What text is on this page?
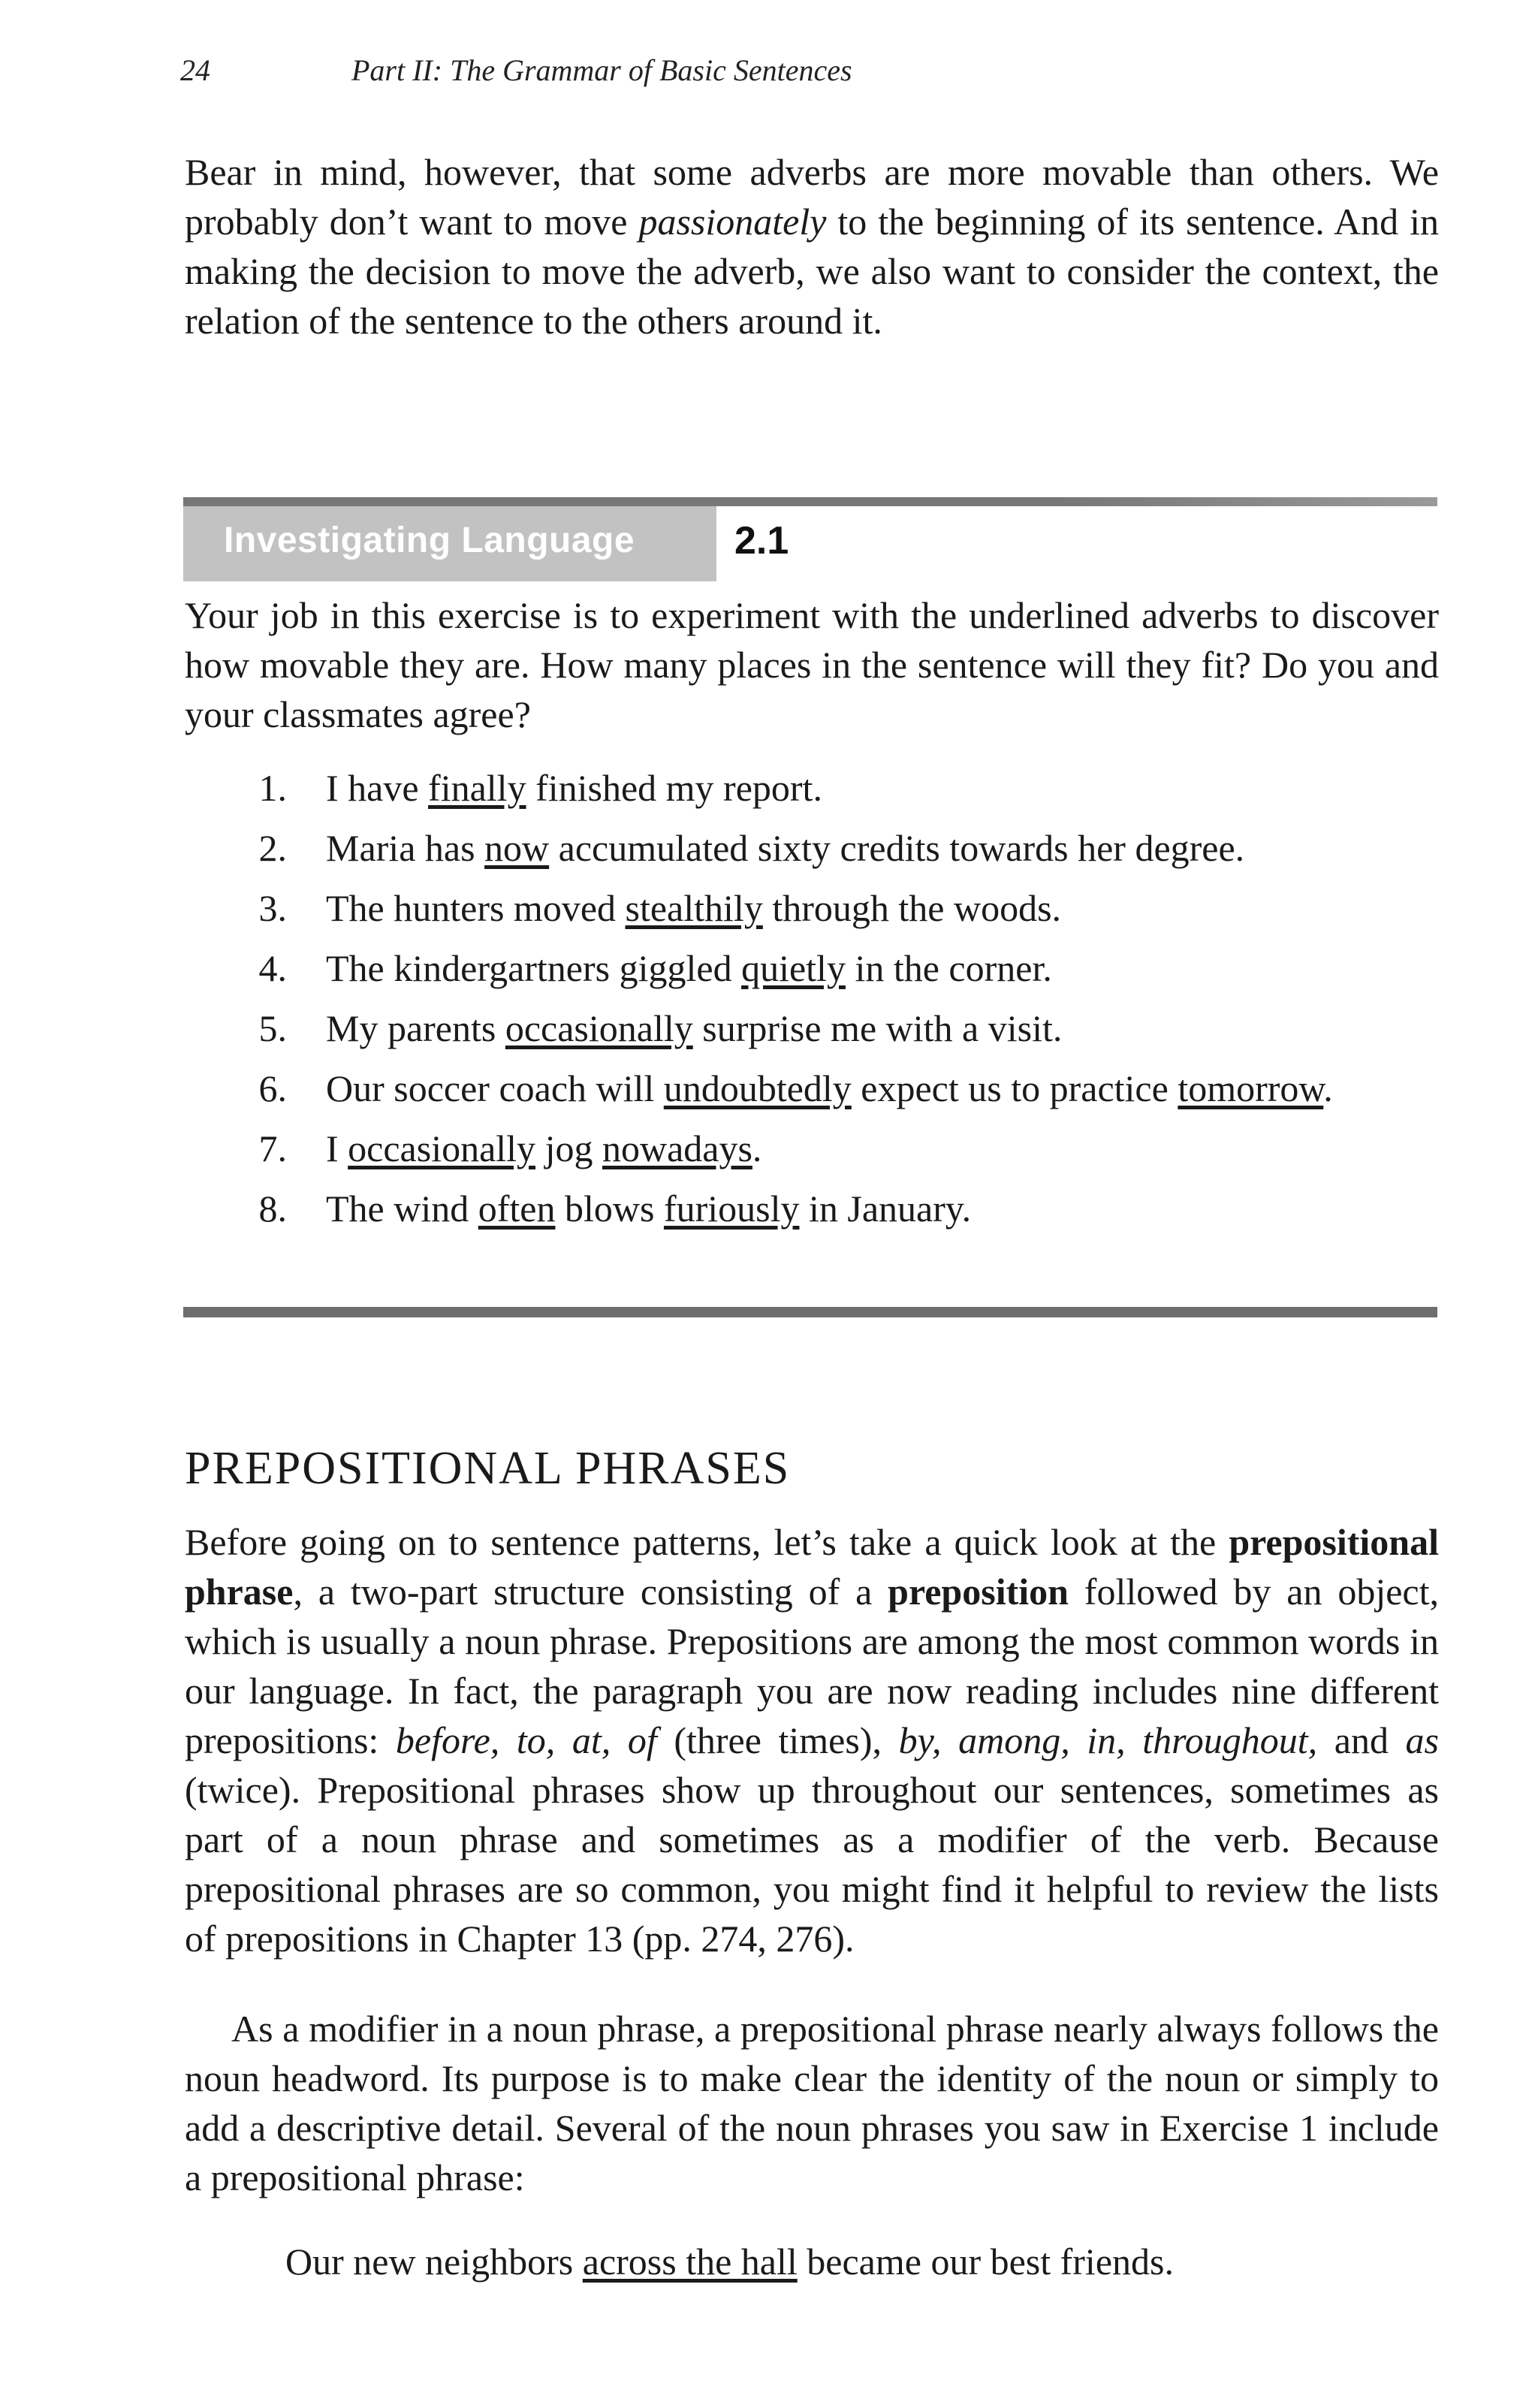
24	Part II: The Grammar of Basic Sentences

Bear in mind, however, that some adverbs are more movable than others. We probably don’t want to move passionately to the beginning of its sentence. And in making the decision to move the adverb, we also want to consider the context, the relation of the sentence to the others around it.

Investigating Language	2.1

Your job in this exercise is to experiment with the underlined adverbs to discover how movable they are. How many places in the sentence will they fit? Do you and your classmates agree?

1. I have finally finished my report.
2. Maria has now accumulated sixty credits towards her degree.
3. The hunters moved stealthily through the woods.
4. The kindergartners giggled quietly in the corner.
5. My parents occasionally surprise me with a visit.
6. Our soccer coach will undoubtedly expect us to practice tomorrow.
7. I occasionally jog nowadays.
8. The wind often blows furiously in January.
PREPOSITIONAL PHRASES

Before going on to sentence patterns, let’s take a quick look at the prepositional phrase, a two-part structure consisting of a preposition followed by an object, which is usually a noun phrase. Prepositions are among the most common words in our language. In fact, the paragraph you are now reading includes nine different prepositions: before, to, at, of (three times), by, among, in, throughout, and as (twice). Prepositional phrases show up throughout our sentences, sometimes as part of a noun phrase and sometimes as a modifier of the verb. Because prepositional phrases are so common, you might find it helpful to review the lists of prepositions in Chapter 13 (pp. 274, 276).

As a modifier in a noun phrase, a prepositional phrase nearly always follows the noun headword. Its purpose is to make clear the identity of the noun or simply to add a descriptive detail. Several of the noun phrases you saw in Exercise 1 include a prepositional phrase:

Our new neighbors across the hall became our best friends.
